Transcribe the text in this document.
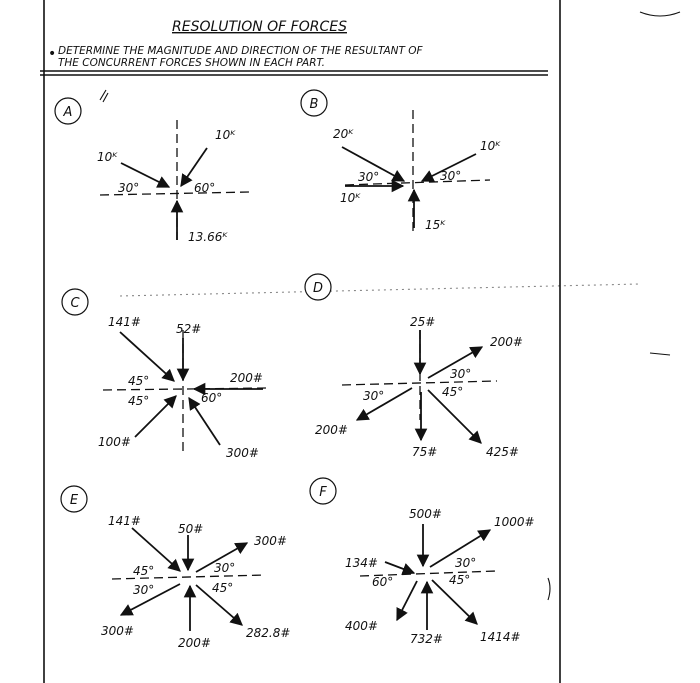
RESOLUTION OF FORCES
• DETERMINE THE MAGNITUDE AND DIRECTION OF THE RESULTANT OF
THE CONCURRENT FORCES SHOWN IN EACH PART.
A
10ᴷ
10ᴷ
13.66ᴷ
30°	60°
B
20ᴷ
10ᴷ
10ᴷ
15ᴷ
30°	30°
C
141#	52#
200#
100#
300#
45°
45°	60°
D
25#
200#
200#
75#	425#
30°
30°
45°
E
141#
50#
300#
300#
200#
282.8#
45°
30°
30°
45°
F
500#
1000#
134#
400#
732#	1414#
60°
30°
45°
